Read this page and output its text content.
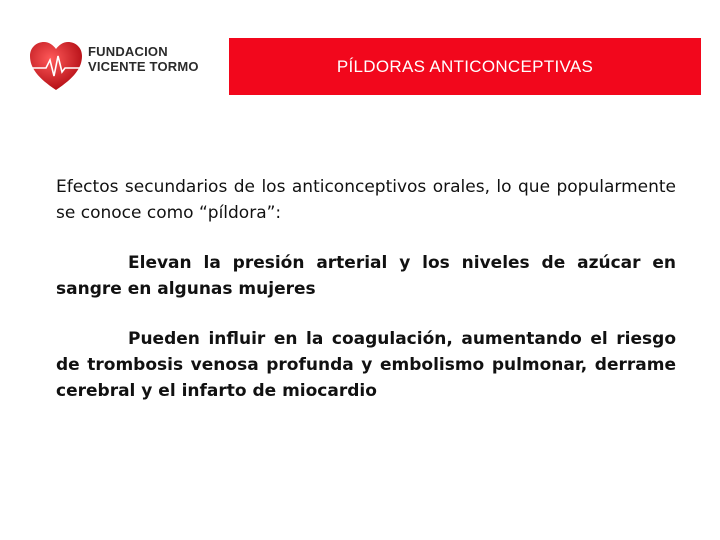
FUNDACION
VICENTE TORMO	PÍLDORAS ANTICONCEPTIVAS

Efectos secundarios de los anticonceptivos orales, lo que popularmente se conoce como “píldora”:

Elevan la presión arterial y los niveles de azúcar en sangre en algunas mujeres

Pueden influir en la coagulación, aumentando el riesgo de trombosis venosa profunda y embolismo pulmonar, derrame cerebral y el infarto de miocardio
